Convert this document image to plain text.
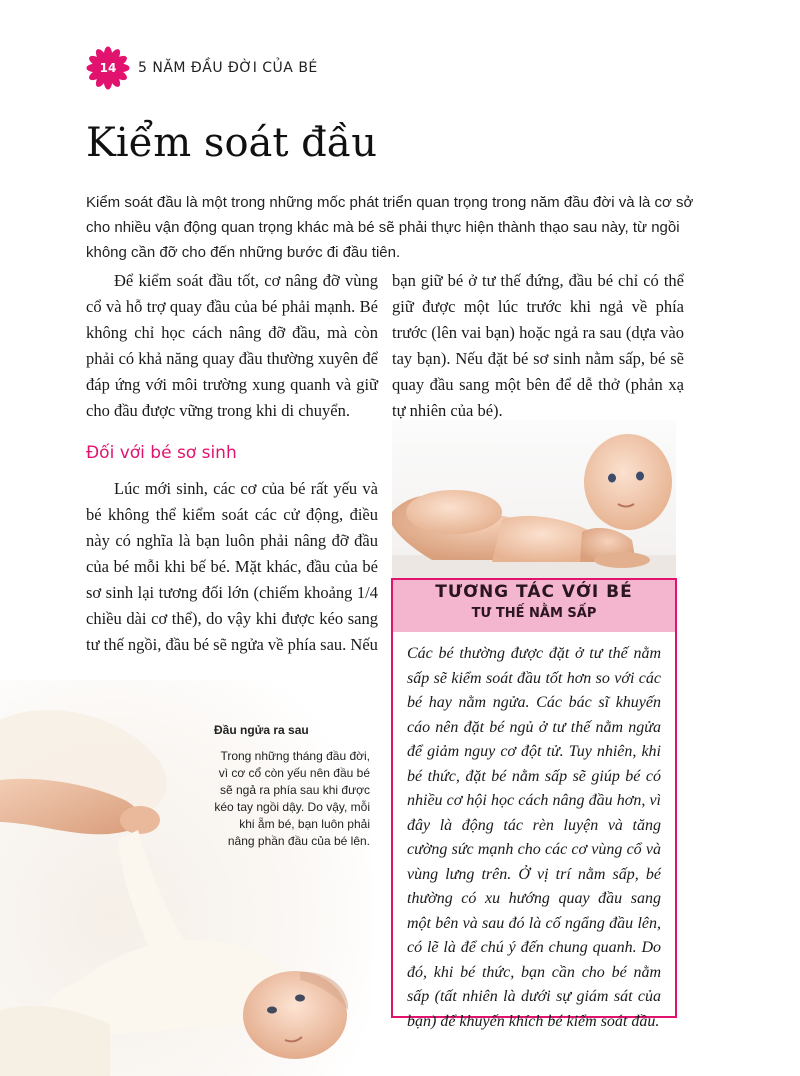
14	5 NĂM ĐẦU ĐỜI CỦA BÉ
Kiểm soát đầu

Kiểm soát đầu là một trong những mốc phát triển quan trọng trong năm đầu đời và là cơ sở cho nhiều vận động quan trọng khác mà bé sẽ phải thực hiện thành thạo sau này, từ ngồi không cần đỡ cho đến những bước đi đầu tiên.

Để kiểm soát đầu tốt, cơ nâng đỡ vùng cổ và hỗ trợ quay đầu của bé phải mạnh. Bé không chỉ học cách nâng đỡ đầu, mà còn phải có khả năng quay đầu thường xuyên để đáp ứng với môi trường xung quanh và giữ cho đầu được vững trong khi di chuyển.

Đối với bé sơ sinh

Lúc mới sinh, các cơ của bé rất yếu và bé không thể kiểm soát các cử động, điều này có nghĩa là bạn luôn phải nâng đỡ đầu của bé mỗi khi bế bé. Mặt khác, đầu của bé sơ sinh lại tương đối lớn (chiếm khoảng 1/4 chiều dài cơ thể), do vậy khi được kéo sang tư thế ngồi, đầu bé sẽ ngửa về phía sau. Nếu

bạn giữ bé ở tư thế đứng, đầu bé chỉ có thể giữ được một lúc trước khi ngả về phía trước (lên vai bạn) hoặc ngả ra sau (dựa vào tay bạn). Nếu đặt bé sơ sinh nằm sấp, bé sẽ quay đầu sang một bên để dễ thở (phản xạ tự nhiên của bé).

TƯƠNG TÁC VỚI BÉ
TƯ THẾ NẰM SẤP

Các bé thường được đặt ở tư thế nằm sấp sẽ kiểm soát đầu tốt hơn so với các bé hay nằm ngửa. Các bác sĩ khuyến cáo nên đặt bé ngủ ở tư thế nằm ngửa để giảm nguy cơ đột tử. Tuy nhiên, khi bé thức, đặt bé nằm sấp sẽ giúp bé có nhiều cơ hội học cách nâng đầu hơn, vì đây là động tác rèn luyện và tăng cường sức mạnh cho các cơ vùng cổ và vùng lưng trên. Ở vị trí nằm sấp, bé thường có xu hướng quay đầu sang một bên và sau đó là cố ngẩng đầu lên, có lẽ là để chú ý đến chung quanh. Do đó, khi bé thức, bạn cần cho bé nằm sấp (tất nhiên là dưới sự giám sát của bạn) để khuyến khích bé kiểm soát đầu.

Đầu ngửa ra sau
Trong những tháng đầu đời, vì cơ cổ còn yếu nên đầu bé sẽ ngả ra phía sau khi được kéo tay ngồi dậy. Do vậy, mỗi khi ẵm bé, bạn luôn phải nâng phần đầu của bé lên.
